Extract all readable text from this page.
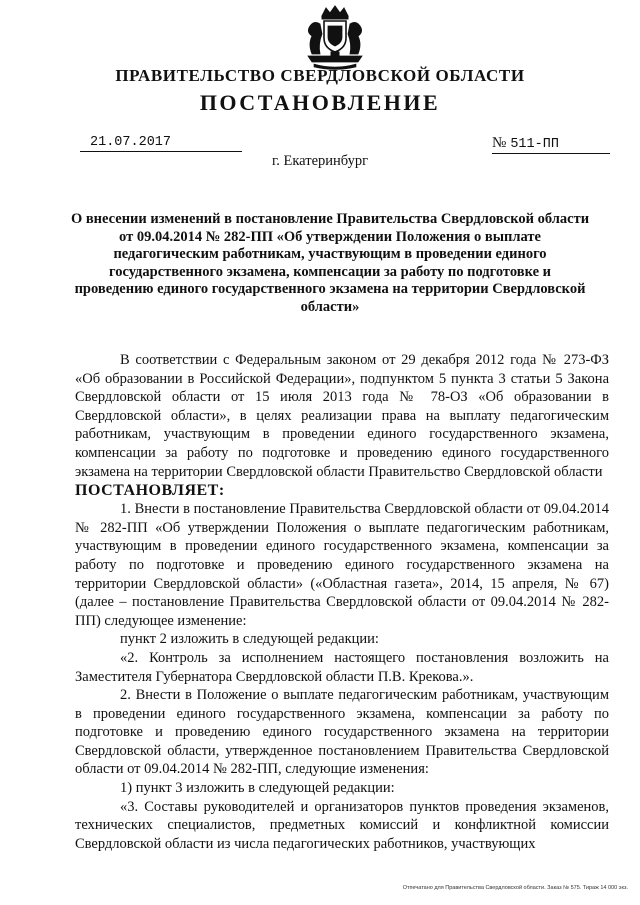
ПРАВИТЕЛЬСТВО СВЕРДЛОВСКОЙ ОБЛАСТИ
ПОСТАНОВЛЕНИЕ
21.07.2017	№ 511-ПП
г. Екатеринбург
О внесении изменений в постановление Правительства Свердловской области от 09.04.2014 № 282-ПП «Об утверждении Положения о выплате педагогическим работникам, участвующим в проведении единого государственного экзамена, компенсации за работу по подготовке и проведению единого государственного экзамена на территории Свердловской области»

В соответствии с Федеральным законом от 29 декабря 2012 года № 273-ФЗ «Об образовании в Российской Федерации», подпунктом 5 пункта 3 статьи 5 Закона Свердловской области от 15 июля 2013 года № 78-ОЗ «Об образовании в Свердловской области», в целях реализации права на выплату педагогическим работникам, участвующим в проведении единого государственного экзамена, компенсации за работу по подготовке и проведению единого государственного экзамена на территории Свердловской области Правительство Свердловской области

ПОСТАНОВЛЯЕТ:

1. Внести в постановление Правительства Свердловской области от 09.04.2014 № 282-ПП «Об утверждении Положения о выплате педагогическим работникам, участвующим в проведении единого государственного экзамена, компенсации за работу по подготовке и проведению единого государственного экзамена на территории Свердловской области» («Областная газета», 2014, 15 апреля, № 67) (далее – постановление Правительства Свердловской области от 09.04.2014 № 282-ПП) следующее изменение:

пункт 2 изложить в следующей редакции:

«2. Контроль за исполнением настоящего постановления возложить на Заместителя Губернатора Свердловской области П.В. Крекова.».

2. Внести в Положение о выплате педагогическим работникам, участвующим в проведении единого государственного экзамена, компенсации за работу по подготовке и проведению единого государственного экзамена на территории Свердловской области, утвержденное постановлением Правительства Свердловской области от 09.04.2014 № 282-ПП, следующие изменения:

1) пункт 3 изложить в следующей редакции:

«3. Составы руководителей и организаторов пунктов проведения экзаменов, технических специалистов, предметных комиссий и конфликтной комиссии Свердловской области из числа педагогических работников, участвующих

Отпечатано для Правительства Свердловской области. Заказ № 575. Тираж 14 000 экз.
